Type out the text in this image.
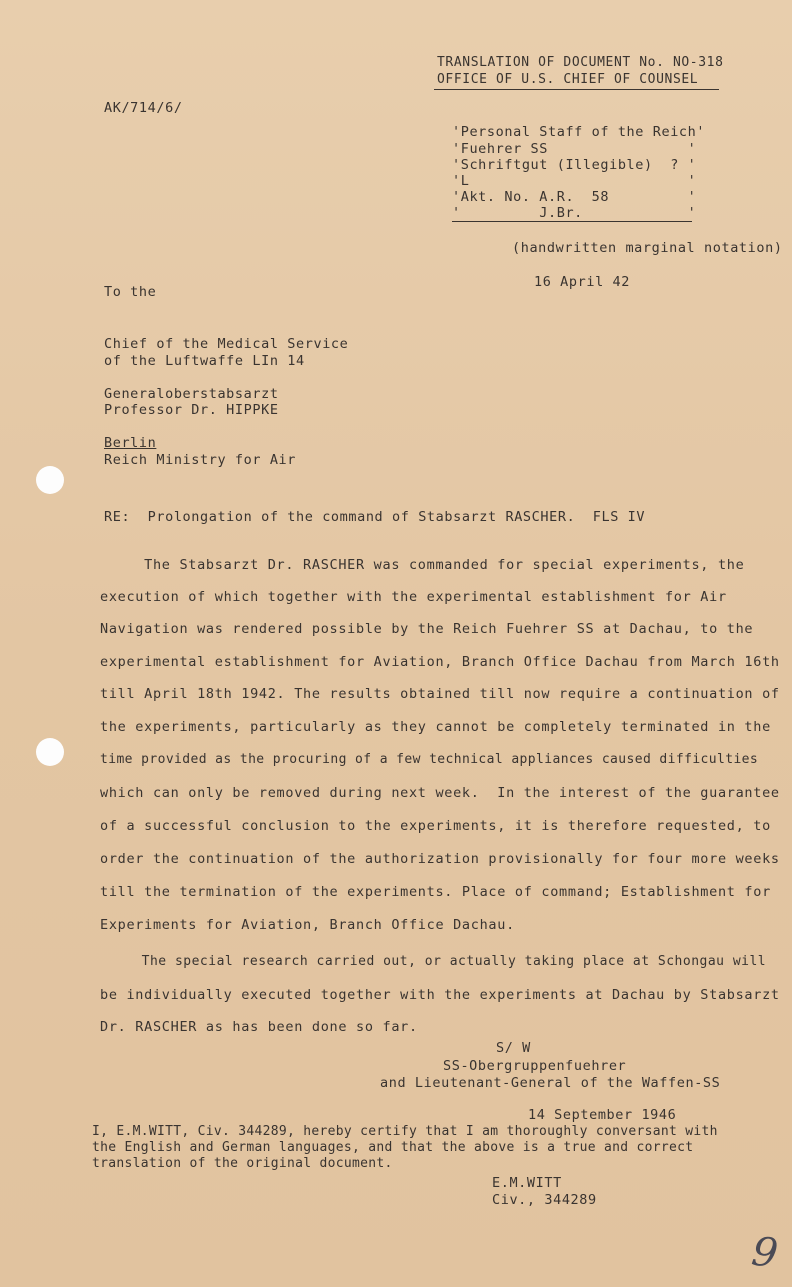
TRANSLATION OF DOCUMENT No. NO-318
OFFICE OF U.S. CHIEF OF COUNSEL
AK/714/6/
'Personal Staff of the Reich'
'Fuehrer SS                '
'Schriftgut (Illegible)  ? '
'L                         '
'Akt. No. A.R.  58         '
'         J.Br.            '
(handwritten marginal notation)
16 April 42
To the
Chief of the Medical Service
of the Luftwaffe LIn 14
Generaloberstabsarzt
Professor Dr. HIPPKE
Berlin
Reich Ministry for Air
RE:  Prolongation of the command of Stabsarzt RASCHER.  FLS IV
The Stabsarzt Dr. RASCHER was commanded for special experiments, the
execution of which together with the experimental establishment for Air
Navigation was rendered possible by the Reich Fuehrer SS at Dachau, to the
experimental establishment for Aviation, Branch Office Dachau from March 16th
till April 18th 1942. The results obtained till now require a continuation of
the experiments, particularly as they cannot be completely terminated in the
time provided as the procuring of a few technical appliances caused difficulties
which can only be removed during next week.  In the interest of the guarantee
of a successful conclusion to the experiments, it is therefore requested, to
order the continuation of the authorization provisionally for four more weeks
till the termination of the experiments. Place of command; Establishment for
Experiments for Aviation, Branch Office Dachau.
The special research carried out, or actually taking place at Schongau will
be individually executed together with the experiments at Dachau by Stabsarzt
Dr. RASCHER as has been done so far.
S/ W
SS-Obergruppenfuehrer
and Lieutenant-General of the Waffen-SS
14 September 1946
I, E.M.WITT, Civ. 344289, hereby certify that I am thoroughly conversant with
the English and German languages, and that the above is a true and correct
translation of the original document.
E.M.WITT
Civ., 344289
9
